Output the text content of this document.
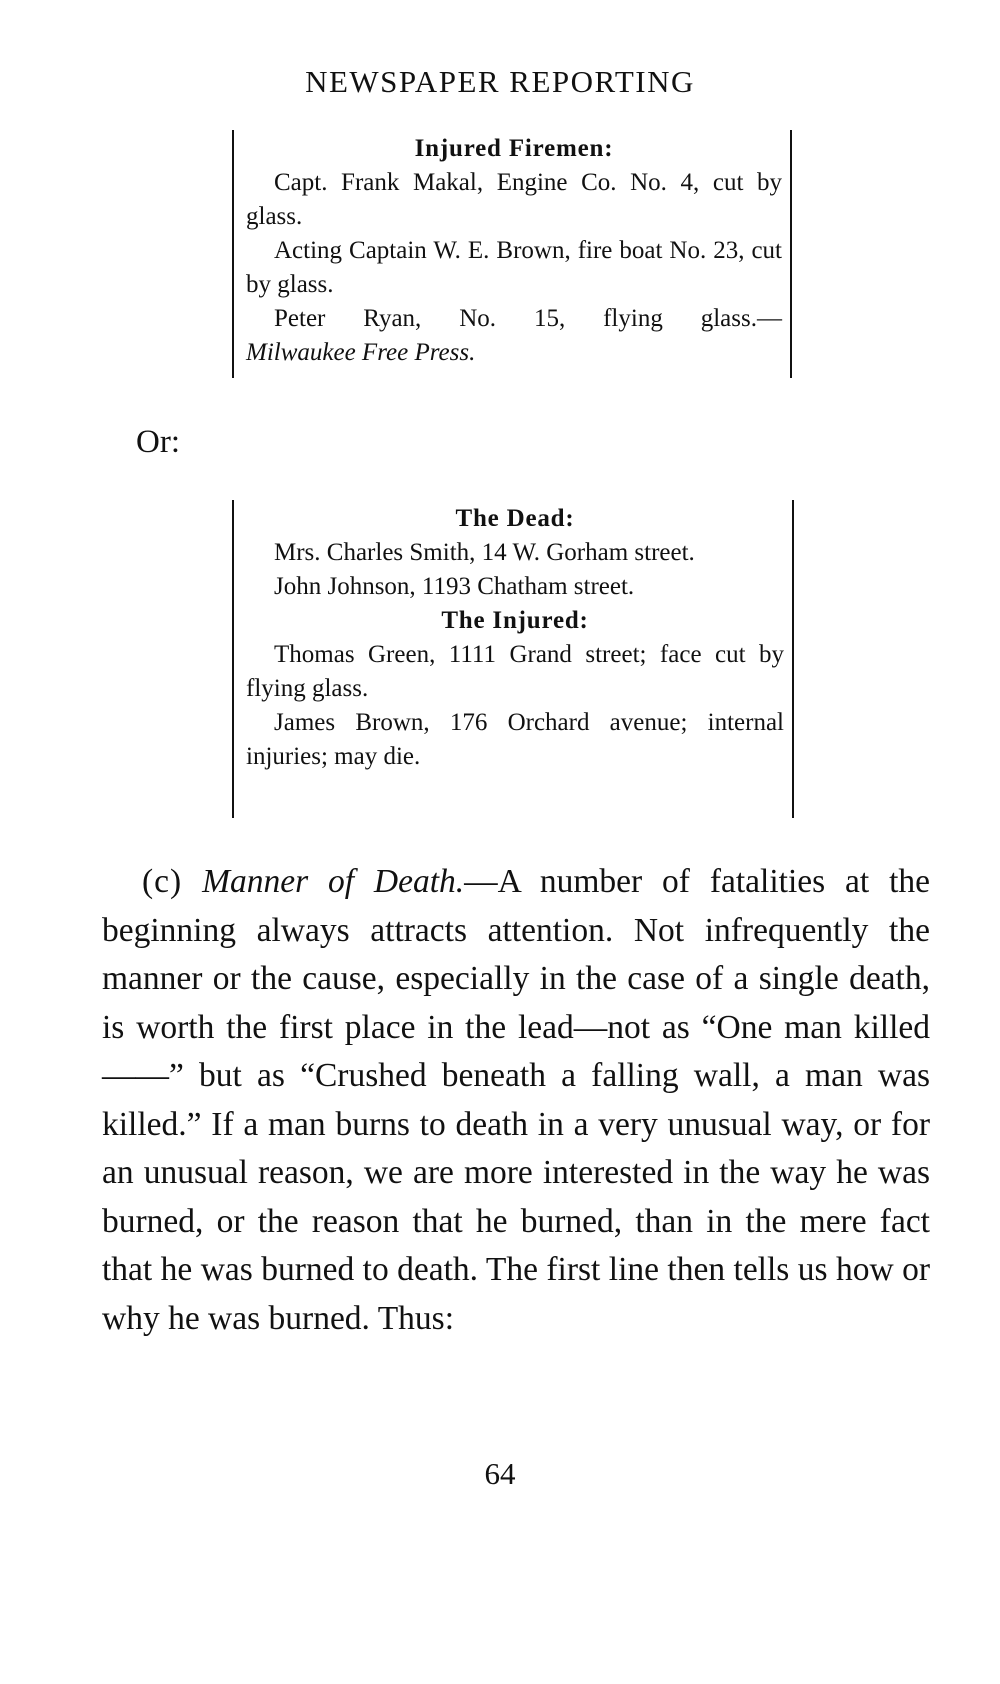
NEWSPAPER REPORTING
Injured Firemen:
Capt. Frank Makal, Engine Co. No. 4, cut by glass.
Acting Captain W. E. Brown, fire boat No. 23, cut by glass.
Peter Ryan, No. 15, flying glass.—
Milwaukee Free Press.
Or:
The Dead:
Mrs. Charles Smith, 14 W. Gorham street.
John Johnson, 1193 Chatham street.
The Injured:
Thomas Green, 1111 Grand street; face cut by flying glass.
James Brown, 176 Orchard avenue; internal injuries; may die.

(c) Manner of Death.—A number of fatalities at the beginning always attracts attention. Not infrequently the manner or the cause, especially in the case of a single death, is worth the first place in the lead—not as “One man killed——” but as “Crushed beneath a falling wall, a man was killed.” If a man burns to death in a very unusual way, or for an unusual reason, we are more interested in the way he was burned, or the reason that he burned, than in the mere fact that he was burned to death. The first line then tells us how or why he was burned. Thus:

64
